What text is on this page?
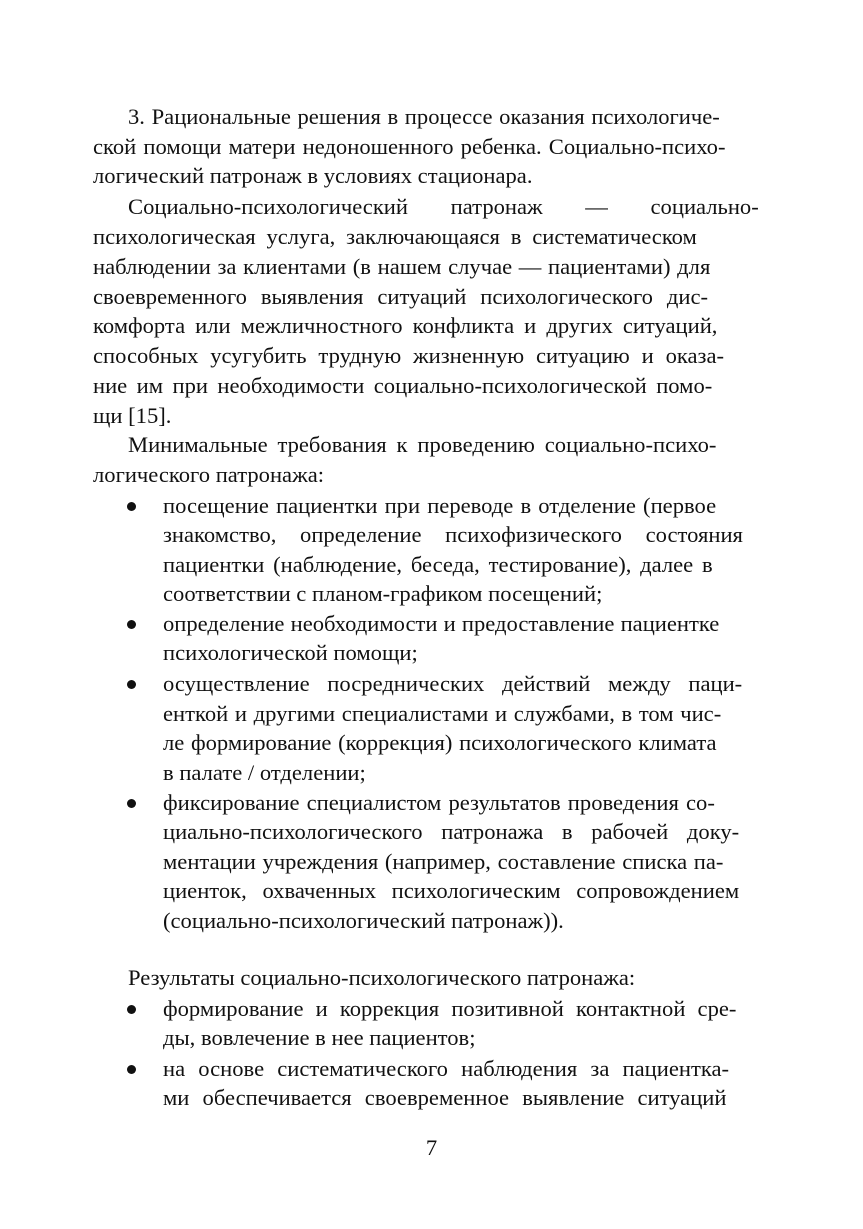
3. Рациональные решения в процессе оказания психологиче-
ской помощи матери недоношенного ребенка. Социально-психо-
логический патронаж в условиях стационара.
Социально-психологический патронаж — социально-
психологическая услуга, заключающаяся в систематическом
наблюдении за клиентами (в нашем случае — пациентами) для
своевременного выявления ситуаций психологического дис-
комфорта или межличностного конфликта и других ситуаций,
способных усугубить трудную жизненную ситуацию и оказа-
ние им при необходимости социально-психологической помо-
щи [15].
Минимальные требования к проведению социально-психо-
логического патронажа:
посещение пациентки при переводе в отделение (первое
знакомство, определение психофизического состояния
пациентки (наблюдение, беседа, тестирование), далее в
соответствии с планом-графиком посещений;
определение необходимости и предоставление пациентке
психологической помощи;
осуществление посреднических действий между паци-
енткой и другими специалистами и службами, в том чис-
ле формирование (коррекция) психологического климата
в палате / отделении;
фиксирование специалистом результатов проведения со-
циально-психологического патронажа в рабочей доку-
ментации учреждения (например, составление списка па-
циенток, охваченных психологическим сопровождением
(социально-психологический патронаж)).
Результаты социально-психологического патронажа:
формирование и коррекция позитивной контактной сре-
ды, вовлечение в нее пациентов;
на основе систематического наблюдения за пациентка-
ми обеспечивается своевременное выявление ситуаций
7
